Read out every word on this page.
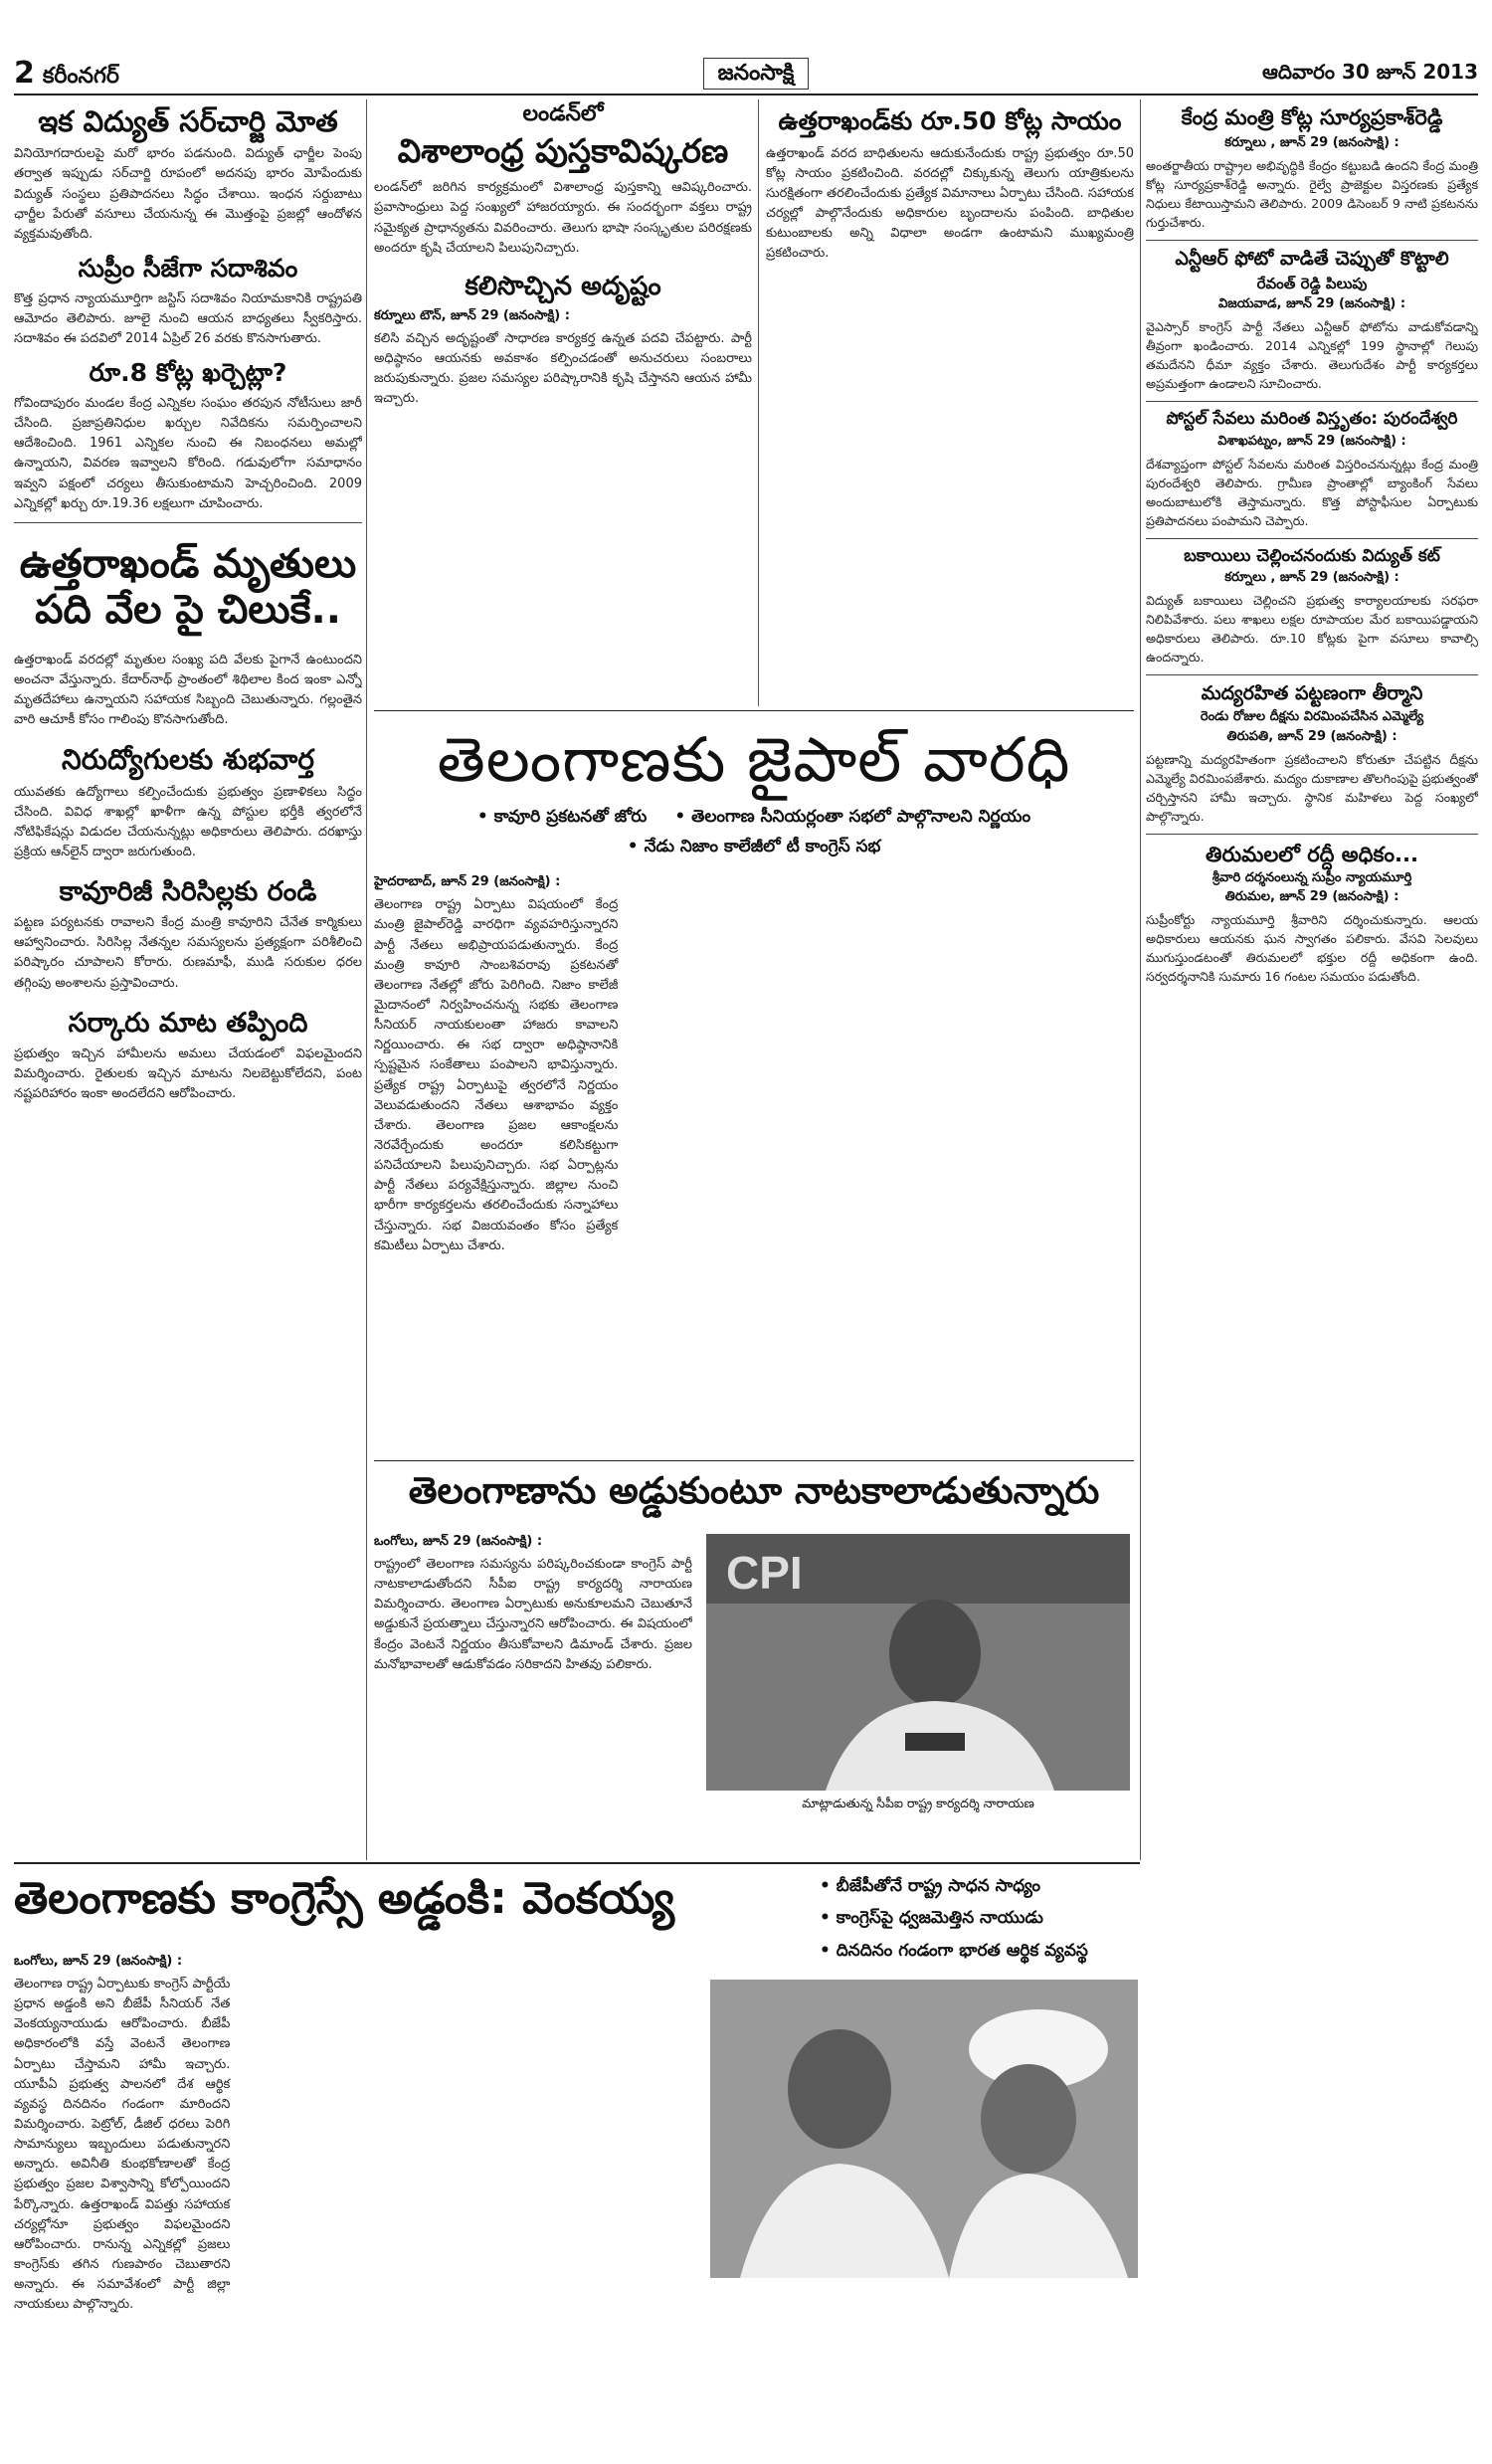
2 కరీంనగర్	జనంసాక్షి	ఆదివారం 30 జూన్ 2013
ఇక విద్యుత్ సర్‌చార్జి మోత

వినియోగదారులపై మరో భారం పడనుంది. విద్యుత్ ఛార్జీల పెంపు తర్వాత ఇప్పుడు సర్‌చార్జి రూపంలో అదనపు భారం మోపేందుకు విద్యుత్ సంస్థలు ప్రతిపాదనలు సిద్ధం చేశాయి. ఇంధన సర్దుబాటు ఛార్జీల పేరుతో వసూలు చేయనున్న ఈ మొత్తంపై ప్రజల్లో ఆందోళన వ్యక్తమవుతోంది.

సుప్రీం సీజేగా సదాశివం

కొత్త ప్రధాన న్యాయమూర్తిగా జస్టిస్ సదాశివం నియామకానికి రాష్ట్రపతి ఆమోదం తెలిపారు. జూలై నుంచి ఆయన బాధ్యతలు స్వీకరిస్తారు. సదాశివం ఈ పదవిలో 2014 ఏప్రిల్ 26 వరకు కొనసాగుతారు.

రూ.8 కోట్ల ఖర్చెట్లా?

గోవిందాపురం మండల కేంద్ర ఎన్నికల సంఘం తరపున నోటీసులు జారీ చేసింది. ప్రజాప్రతినిధుల ఖర్చుల నివేదికను సమర్పించాలని ఆదేశించింది. 1961 ఎన్నికల నుంచి ఈ నిబంధనలు అమల్లో ఉన్నాయని, వివరణ ఇవ్వాలని కోరింది. గడువులోగా సమాధానం ఇవ్వని పక్షంలో చర్యలు తీసుకుంటామని హెచ్చరించింది. 2009 ఎన్నికల్లో ఖర్చు రూ.19.36 లక్షలుగా చూపించారు.

ఉత్తరాఖండ్ మృతులు పది వేల పై చిలుకే..

ఉత్తరాఖండ్ వరదల్లో మృతుల సంఖ్య పది వేలకు పైగానే ఉంటుందని అంచనా వేస్తున్నారు. కేదార్‌నాథ్ ప్రాంతంలో శిథిలాల కింద ఇంకా ఎన్నో మృతదేహాలు ఉన్నాయని సహాయక సిబ్బంది చెబుతున్నారు. గల్లంతైన వారి ఆచూకీ కోసం గాలింపు కొనసాగుతోంది.

నిరుద్యోగులకు శుభవార్త

యువతకు ఉద్యోగాలు కల్పించేందుకు ప్రభుత్వం ప్రణాళికలు సిద్ధం చేసింది. వివిధ శాఖల్లో ఖాళీగా ఉన్న పోస్టుల భర్తీకి త్వరలోనే నోటిఫికేషన్లు విడుదల చేయనున్నట్లు అధికారులు తెలిపారు. దరఖాస్తు ప్రక్రియ ఆన్‌లైన్ ద్వారా జరుగుతుంది.

కావూరిజీ సిరిసిల్లకు రండి

పట్టణ పర్యటనకు రావాలని కేంద్ర మంత్రి కావూరిని చేనేత కార్మికులు ఆహ్వానించారు. సిరిసిల్ల నేతన్నల సమస్యలను ప్రత్యక్షంగా పరిశీలించి పరిష్కారం చూపాలని కోరారు. రుణమాఫీ, ముడి సరుకుల ధరల తగ్గింపు అంశాలను ప్రస్తావించారు.

సర్కారు మాట తప్పింది

ప్రభుత్వం ఇచ్చిన హామీలను అమలు చేయడంలో విఫలమైందని విమర్శించారు. రైతులకు ఇచ్చిన మాటను నిలబెట్టుకోలేదని, పంట నష్టపరిహారం ఇంకా అందలేదని ఆరోపించారు.

లండన్‌లో
విశాలాంధ్ర పుస్తకావిష్కరణ

లండన్‌లో జరిగిన కార్యక్రమంలో విశాలాంధ్ర పుస్తకాన్ని ఆవిష్కరించారు. ప్రవాసాంధ్రులు పెద్ద సంఖ్యలో హాజరయ్యారు. ఈ సందర్భంగా వక్తలు రాష్ట్ర సమైక్యత ప్రాధాన్యతను వివరించారు. తెలుగు భాషా సంస్కృతుల పరిరక్షణకు అందరూ కృషి చేయాలని పిలుపునిచ్చారు.

కలిసొచ్చిన అదృష్టం
కర్నూలు టౌన్, జూన్ 29 (జనంసాక్షి) :

కలిసి వచ్చిన అదృష్టంతో సాధారణ కార్యకర్త ఉన్నత పదవి చేపట్టారు. పార్టీ అధిష్ఠానం ఆయనకు అవకాశం కల్పించడంతో అనుచరులు సంబరాలు జరుపుకున్నారు. ప్రజల సమస్యల పరిష్కారానికి కృషి చేస్తానని ఆయన హామీ ఇచ్చారు.

ఉత్తరాఖండ్‌కు రూ.50 కోట్ల సాయం

ఉత్తరాఖండ్ వరద బాధితులను ఆదుకునేందుకు రాష్ట్ర ప్రభుత్వం రూ.50 కోట్ల సాయం ప్రకటించింది. వరదల్లో చిక్కుకున్న తెలుగు యాత్రికులను సురక్షితంగా తరలించేందుకు ప్రత్యేక విమానాలు ఏర్పాటు చేసింది. సహాయక చర్యల్లో పాల్గొనేందుకు అధికారుల బృందాలను పంపింది. బాధితుల కుటుంబాలకు అన్ని విధాలా అండగా ఉంటామని ముఖ్యమంత్రి ప్రకటించారు.

తెలంగాణకు జైపాల్ వారధి
• కావూరి ప్రకటనతో జోరు	• తెలంగాణ సీనియర్లంతా సభలో పాల్గొనాలని నిర్ణయం
• నేడు నిజాం కాలేజీలో టీ కాంగ్రెస్ సభ
హైదరాబాద్, జూన్ 29 (జనంసాక్షి) :

తెలంగాణ రాష్ట్ర ఏర్పాటు విషయంలో కేంద్ర మంత్రి జైపాల్‌రెడ్డి వారధిగా వ్యవహరిస్తున్నారని పార్టీ నేతలు అభిప్రాయపడుతున్నారు. కేంద్ర మంత్రి కావూరి సాంబశివరావు ప్రకటనతో తెలంగాణ నేతల్లో జోరు పెరిగింది. నిజాం కాలేజీ మైదానంలో నిర్వహించనున్న సభకు తెలంగాణ సీనియర్ నాయకులంతా హాజరు కావాలని నిర్ణయించారు. ఈ సభ ద్వారా అధిష్ఠానానికి స్పష్టమైన సంకేతాలు పంపాలని భావిస్తున్నారు. ప్రత్యేక రాష్ట్ర ఏర్పాటుపై త్వరలోనే నిర్ణయం వెలువడుతుందని నేతలు ఆశాభావం వ్యక్తం చేశారు. తెలంగాణ ప్రజల ఆకాంక్షలను నెరవేర్చేందుకు అందరూ కలిసికట్టుగా పనిచేయాలని పిలుపునిచ్చారు. సభ ఏర్పాట్లను పార్టీ నేతలు పర్యవేక్షిస్తున్నారు. జిల్లాల నుంచి భారీగా కార్యకర్తలను తరలించేందుకు సన్నాహాలు చేస్తున్నారు. సభ విజయవంతం కోసం ప్రత్యేక కమిటీలు ఏర్పాటు చేశారు.

తెలంగాణాను అడ్డుకుంటూ నాటకాలాడుతున్నారు
ఒంగోలు, జూన్ 29 (జనంసాక్షి) :

రాష్ట్రంలో తెలంగాణ సమస్యను పరిష్కరించకుండా కాంగ్రెస్ పార్టీ నాటకాలాడుతోందని సీపీఐ రాష్ట్ర కార్యదర్శి నారాయణ విమర్శించారు. తెలంగాణ ఏర్పాటుకు అనుకూలమని చెబుతూనే అడ్డుకునే ప్రయత్నాలు చేస్తున్నారని ఆరోపించారు. ఈ విషయంలో కేంద్రం వెంటనే నిర్ణయం తీసుకోవాలని డిమాండ్ చేశారు. ప్రజల మనోభావాలతో ఆడుకోవడం సరికాదని హితవు పలికారు.

CPI
మాట్లాడుతున్న సీపీఐ రాష్ట్ర కార్యదర్శి నారాయణ
కేంద్ర మంత్రి కోట్ల సూర్యప్రకాశ్‌రెడ్డి
కర్నూలు , జూన్ 29 (జనంసాక్షి) :

అంతర్జాతీయ రాష్ట్రాల అభివృద్ధికి కేంద్రం కట్టుబడి ఉందని కేంద్ర మంత్రి కోట్ల సూర్యప్రకాశ్‌రెడ్డి అన్నారు. రైల్వే ప్రాజెక్టుల విస్తరణకు ప్రత్యేక నిధులు కేటాయిస్తామని తెలిపారు. 2009 డిసెంబర్ 9 నాటి ప్రకటనను గుర్తుచేశారు.

ఎన్టీఆర్ ఫోటో వాడితే చెప్పుతో కొట్టాలి
రేవంత్ రెడ్డి పిలుపు
విజయవాడ, జూన్ 29 (జనంసాక్షి) :

వైఎస్సార్ కాంగ్రెస్ పార్టీ నేతలు ఎన్టీఆర్ ఫోటోను వాడుకోవడాన్ని తీవ్రంగా ఖండించారు. 2014 ఎన్నికల్లో 199 స్థానాల్లో గెలుపు తమదేనని ధీమా వ్యక్తం చేశారు. తెలుగుదేశం పార్టీ కార్యకర్తలు అప్రమత్తంగా ఉండాలని సూచించారు.

పోస్టల్ సేవలు మరింత విస్తృతం: పురందేశ్వరి
విశాఖపట్నం, జూన్ 29 (జనంసాక్షి) :

దేశవ్యాప్తంగా పోస్టల్ సేవలను మరింత విస్తరించనున్నట్లు కేంద్ర మంత్రి పురందేశ్వరి తెలిపారు. గ్రామీణ ప్రాంతాల్లో బ్యాంకింగ్ సేవలు అందుబాటులోకి తెస్తామన్నారు. కొత్త పోస్టాఫీసుల ఏర్పాటుకు ప్రతిపాదనలు పంపామని చెప్పారు.

బకాయిలు చెల్లించనందుకు విద్యుత్ కట్
కర్నూలు , జూన్ 29 (జనంసాక్షి) :

విద్యుత్ బకాయిలు చెల్లించని ప్రభుత్వ కార్యాలయాలకు సరఫరా నిలిపివేశారు. పలు శాఖలు లక్షల రూపాయల మేర బకాయిపడ్డాయని అధికారులు తెలిపారు. రూ.10 కోట్లకు పైగా వసూలు కావాల్సి ఉందన్నారు.

మద్యరహిత పట్టణంగా తీర్మాని
రెండు రోజుల దీక్షను విరమింపచేసిన ఎమ్మెల్యే
తిరుపతి, జూన్ 29 (జనంసాక్షి) :

పట్టణాన్ని మద్యరహితంగా ప్రకటించాలని కోరుతూ చేపట్టిన దీక్షను ఎమ్మెల్యే విరమింపజేశారు. మద్యం దుకాణాల తొలగింపుపై ప్రభుత్వంతో చర్చిస్తానని హామీ ఇచ్చారు. స్థానిక మహిళలు పెద్ద సంఖ్యలో పాల్గొన్నారు.

తిరుమలలో రద్దీ అధికం...
శ్రీవారి దర్శనంలున్న సుప్రీం న్యాయమూర్తి
తిరుమల, జూన్ 29 (జనంసాక్షి) :

సుప్రీంకోర్టు న్యాయమూర్తి శ్రీవారిని దర్శించుకున్నారు. ఆలయ అధికారులు ఆయనకు ఘన స్వాగతం పలికారు. వేసవి సెలవులు ముగుస్తుండటంతో తిరుమలలో భక్తుల రద్దీ అధికంగా ఉంది. సర్వదర్శనానికి సుమారు 16 గంటల సమయం పడుతోంది.

తెలంగాణకు కాంగ్రెస్సే అడ్డంకి: వెంకయ్య	• బీజేపీతోనే రాష్ట్ర సాధన సాధ్యం
• కాంగ్రెస్‌పై ధ్వజమెత్తిన నాయుడు
• దినదినం గండంగా భారత ఆర్థిక వ్యవస్థ
ఒంగోలు, జూన్ 29 (జనంసాక్షి) :

తెలంగాణ రాష్ట్ర ఏర్పాటుకు కాంగ్రెస్ పార్టీయే ప్రధాన అడ్డంకి అని బీజేపీ సీనియర్ నేత వెంకయ్యనాయుడు ఆరోపించారు. బీజేపీ అధికారంలోకి వస్తే వెంటనే తెలంగాణ ఏర్పాటు చేస్తామని హామీ ఇచ్చారు. యూపీఏ ప్రభుత్వ పాలనలో దేశ ఆర్థిక వ్యవస్థ దినదినం గండంగా మారిందని విమర్శించారు. పెట్రోల్, డీజిల్ ధరలు పెరిగి సామాన్యులు ఇబ్బందులు పడుతున్నారని అన్నారు. అవినీతి కుంభకోణాలతో కేంద్ర ప్రభుత్వం ప్రజల విశ్వాసాన్ని కోల్పోయిందని పేర్కొన్నారు. ఉత్తరాఖండ్ విపత్తు సహాయక చర్యల్లోనూ ప్రభుత్వం విఫలమైందని ఆరోపించారు. రానున్న ఎన్నికల్లో ప్రజలు కాంగ్రెస్‌కు తగిన గుణపాఠం చెబుతారని అన్నారు. ఈ సమావేశంలో పార్టీ జిల్లా నాయకులు పాల్గొన్నారు.
